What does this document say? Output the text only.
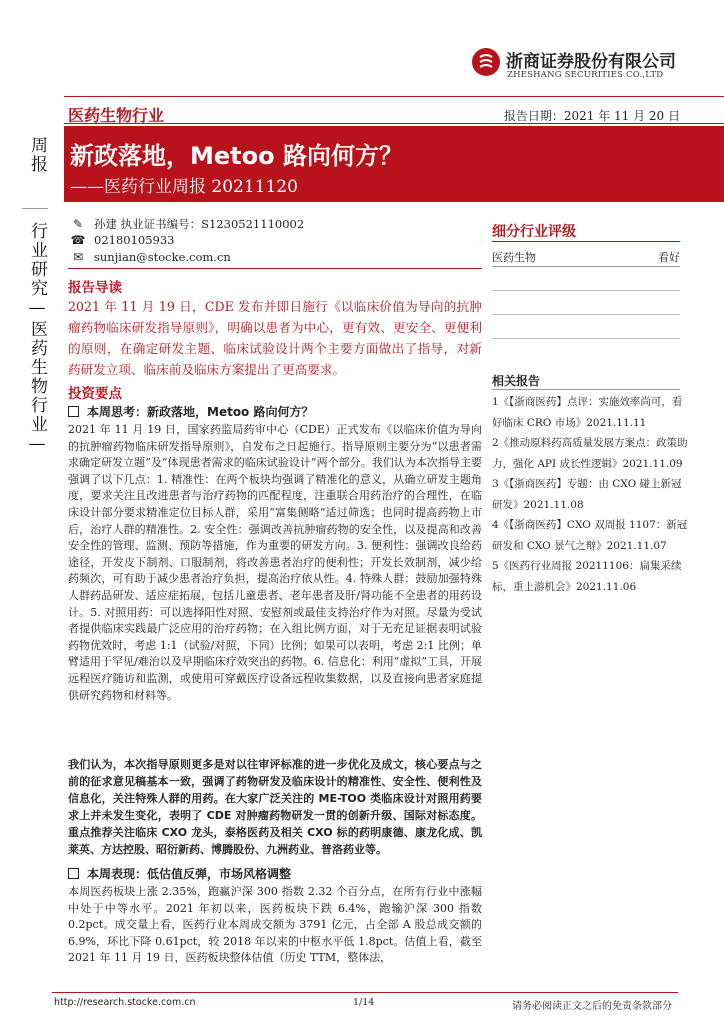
浙商证券股份有限公司
ZHESHANG SECURITIES CO.,LTD
医药生物行业	报告日期：2021 年 11 月 20 日
周报
行业研究—医药生物行业—
新政落地，Metoo 路向何方？
——医药行业周报 20211120
✎ 孙建 执业证书编号：S1230521110002
☎ 02180105933
✉ sunjian@stocke.com.cn
报告导读
2021 年 11 月 19 日，CDE 发布并即日施行《以临床价值为导向的抗肿瘤药物临床研发指导原则》，明确以患者为中心，更有效、更安全、更便利的原则，在确定研发主题、临床试验设计两个主要方面做出了指导，对新药研发立项、临床前及临床方案提出了更高要求。
投资要点
本周思考：新政落地，Metoo 路向何方？
2021 年 11 月 19 日，国家药监局药审中心（CDE）正式发布《以临床价值为导向的抗肿瘤药物临床研发指导原则》，自发布之日起施行。指导原则主要分为“以患者需求确定研发立题”及“体现患者需求的临床试验设计”两个部分。我们认为本次指导主要强调了以下几点：1. 精准性：在两个板块均强调了精准化的意义，从确立研发主题角度，要求关注且改进患者与治疗药物的匹配程度，注重联合用药治疗的合理性，在临床设计部分要求精准定位目标人群，采用“富集侧略”适过筛选；也同时提高药物上市后，治疗人群的精准性。2. 安全性：强调改善抗肿瘤药物的安全性，以及提高和改善安全性的管理、监测、预防等措施，作为重要的研发方向。3. 便利性：强调改良给药途径，开发皮下制剂、口服制剂，将改善患者治疗的便利性；开发长效制剂，减少给药频次，可有助于减少患者治疗负担，提高治疗依从性。4. 特殊人群：鼓励加强特殊人群药品研发、适应症拓展，包括儿童患者、老年患者及肝/肾功能不全患者的用药设计。5. 对照用药：可以选择阳性对照、安慰剂或最佳支持治疗作为对照。尽量为受试者提供临床实践最广泛应用的治疗药物；在入组比例方面，对于无充足证据表明试验药物优效时，考虑 1:1（试验/对照，下同）比例；如果可以表明，考虑 2:1 比例；单臂适用于罕见/难治以及早期临床疗效突出的药物。6. 信息化：利用“虚拟”工具，开展远程医疗随访和监测，或使用可穿戴医疗设备远程收集数据，以及直接向患者家庭提供研究药物和材料等。
我们认为，本次指导原则更多是对以往审评标准的进一步优化及成文，核心要点与之前的征求意见稿基本一致，强调了药物研发及临床设计的精准性、安全性、便利性及信息化，关注特殊人群的用药。在大家广泛关注的 ME-TOO 类临床设计对照用药要求上并未发生变化，表明了 CDE 对肿瘤药物研发一贯的创新升级、国际对标态度。重点推荐关注临床 CXO 龙头，泰格医药及相关 CXO 标的药明康德、康龙化成、凯莱英、方达控股、昭衍新药、博腾股份、九洲药业、普洛药业等。
本周表现：低估值反弹，市场风格调整
本周医药板块上涨 2.35%，跑赢沪深 300 指数 2.32 个百分点，在所有行业中涨幅中处于中等水平。2021 年初以来，医药板块下跌 6.4%，跑输沪深 300 指数 0.2pct。成交量上看，医药行业本周成交额为 3791 亿元，占全部 A 股总成交额的 6.9%，环比下降 0.61pct，较 2018 年以来的中枢水平低 1.8pct。估值上看，截至 2021 年 11 月 19 日，医药板块整体估值（历史 TTM，整体法，
细分行业评级
医药生物	看好
相关报告
1《【浙商医药】点评：实施效率尚可，看好临床 CRO 市场》2021.11.11
2《推动原料药高质量发展方案点：政策助力，强化 API 成长性逻辑》2021.11.09
3《【浙商医药】专题：由 CXO 碰上新冠研发》2021.11.08
4《【浙商医药】CXO 双周报 1107：新冠研发和 CXO 景气之辩》2021.11.07
5《医药行业周报 20211106：扁集采续标，重上游机会》2021.11.06
http://research.stocke.com.cn	1/14	请务必阅读正文之后的免责条款部分
